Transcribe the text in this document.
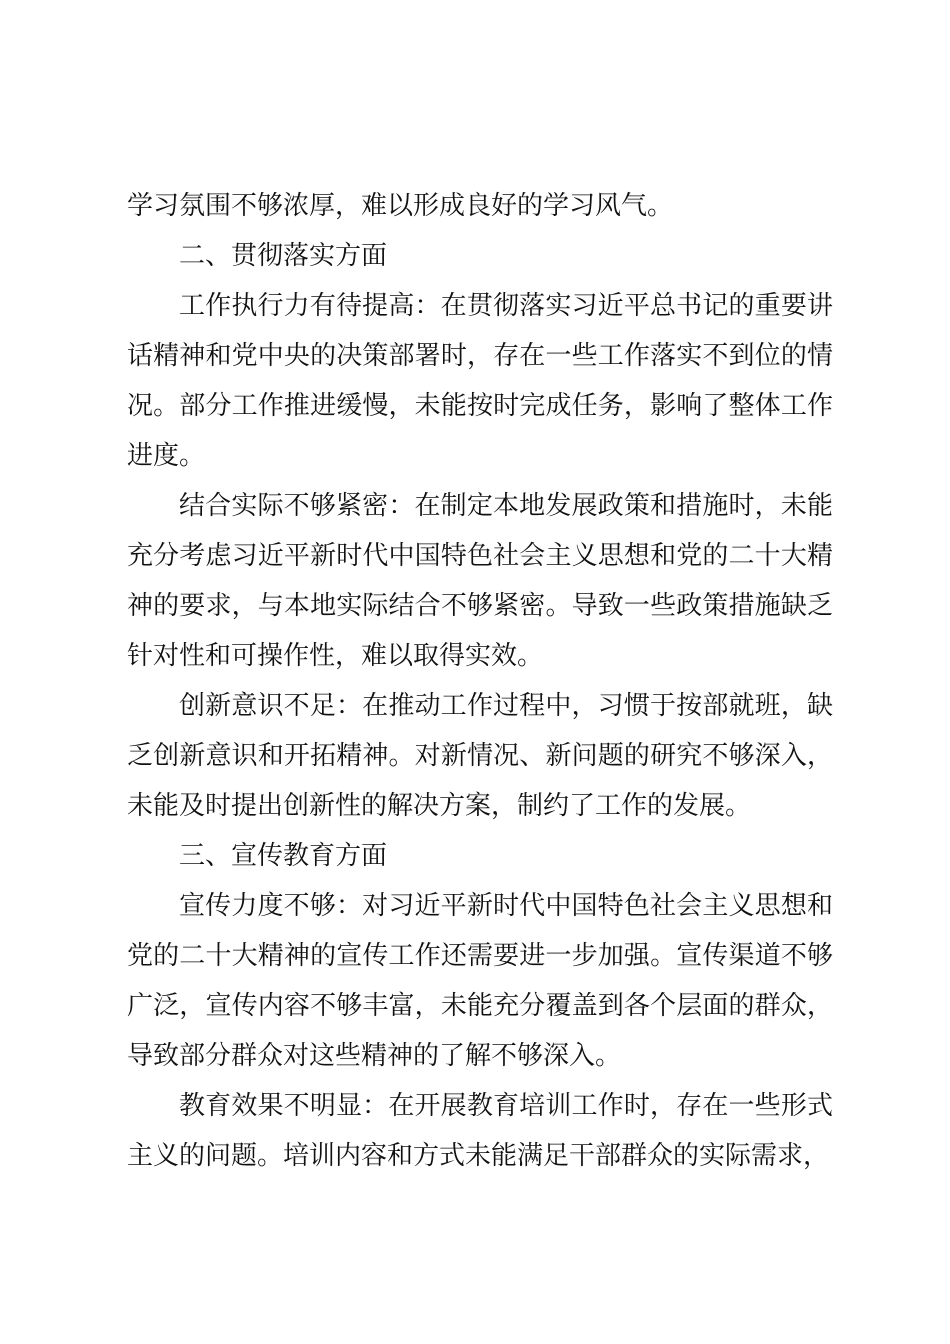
学习氛围不够浓厚，难以形成良好的学习风气。

二、贯彻落实方面

工作执行力有待提高：在贯彻落实习近平总书记的重要讲话精神和党中央的决策部署时，存在一些工作落实不到位的情况。部分工作推进缓慢，未能按时完成任务，影响了整体工作进度。

结合实际不够紧密：在制定本地发展政策和措施时，未能充分考虑习近平新时代中国特色社会主义思想和党的二十大精神的要求，与本地实际结合不够紧密。导致一些政策措施缺乏针对性和可操作性，难以取得实效。

创新意识不足：在推动工作过程中，习惯于按部就班，缺乏创新意识和开拓精神。对新情况、新问题的研究不够深入，未能及时提出创新性的解决方案，制约了工作的发展。

三、宣传教育方面

宣传力度不够：对习近平新时代中国特色社会主义思想和党的二十大精神的宣传工作还需要进一步加强。宣传渠道不够广泛，宣传内容不够丰富，未能充分覆盖到各个层面的群众，导致部分群众对这些精神的了解不够深入。

教育效果不明显：在开展教育培训工作时，存在一些形式主义的问题。培训内容和方式未能满足干部群众的实际需求，
